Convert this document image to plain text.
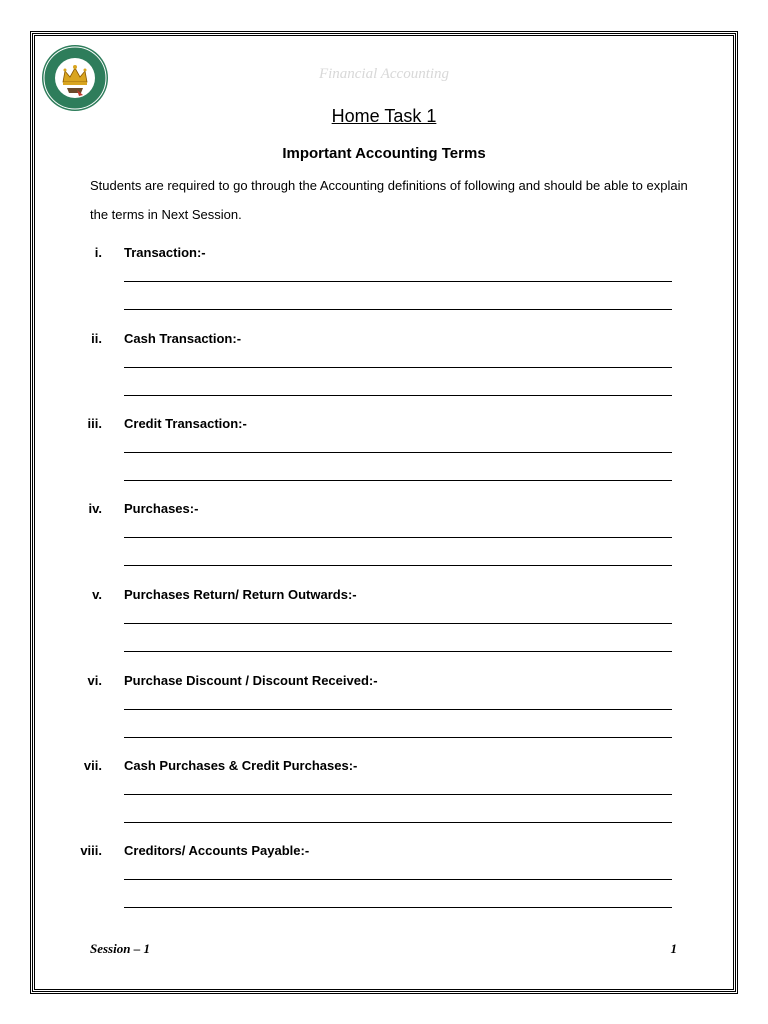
Financial Accounting
Home Task 1
Important Accounting Terms

Students are required to go through the Accounting definitions of following and should be able to explain the terms in Next Session.

i. Transaction:-
ii. Cash Transaction:-
iii. Credit Transaction:-
iv. Purchases:-
v. Purchases Return/ Return Outwards:-
vi. Purchase Discount / Discount Received:-
vii. Cash Purchases & Credit Purchases:-
viii. Creditors/ Accounts Payable:-
Session – 1	1
